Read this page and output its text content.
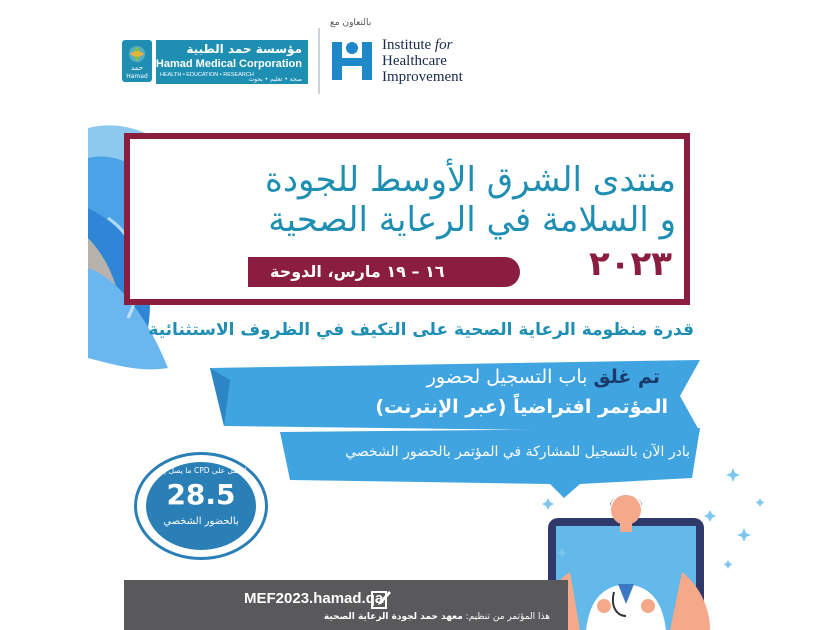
Hamad
حمد
مؤسسة حمد الطبية
Hamad Medical Corporation
HEALTH • EDUCATION • RESEARCH
صحة • تعليم • بحوث
بالتعاون مع
Institute for
Healthcare
Improvement
منتدى الشرق الأوسط للجودة
و السلامة في الرعاية الصحية
١٦ – ١٩ مارس، الدوحة	٢٠٢٣
قدرة منظومة الرعاية الصحية على التكيف في الظروف الاستثنائية
تم غلق باب التسجيل لحضور
المؤتمر افتراضياً (عبر الإنترنت)
بادر الآن بالتسجيل للمشاركة في المؤتمر بالحضور الشخصي
احصل على CPD ما يصل إلى
28.5
بالحضور الشخصي
MEF2023.hamad.qa
هذا المؤتمر من تنظيم: معهد حمد لجودة الرعاية الصحية
